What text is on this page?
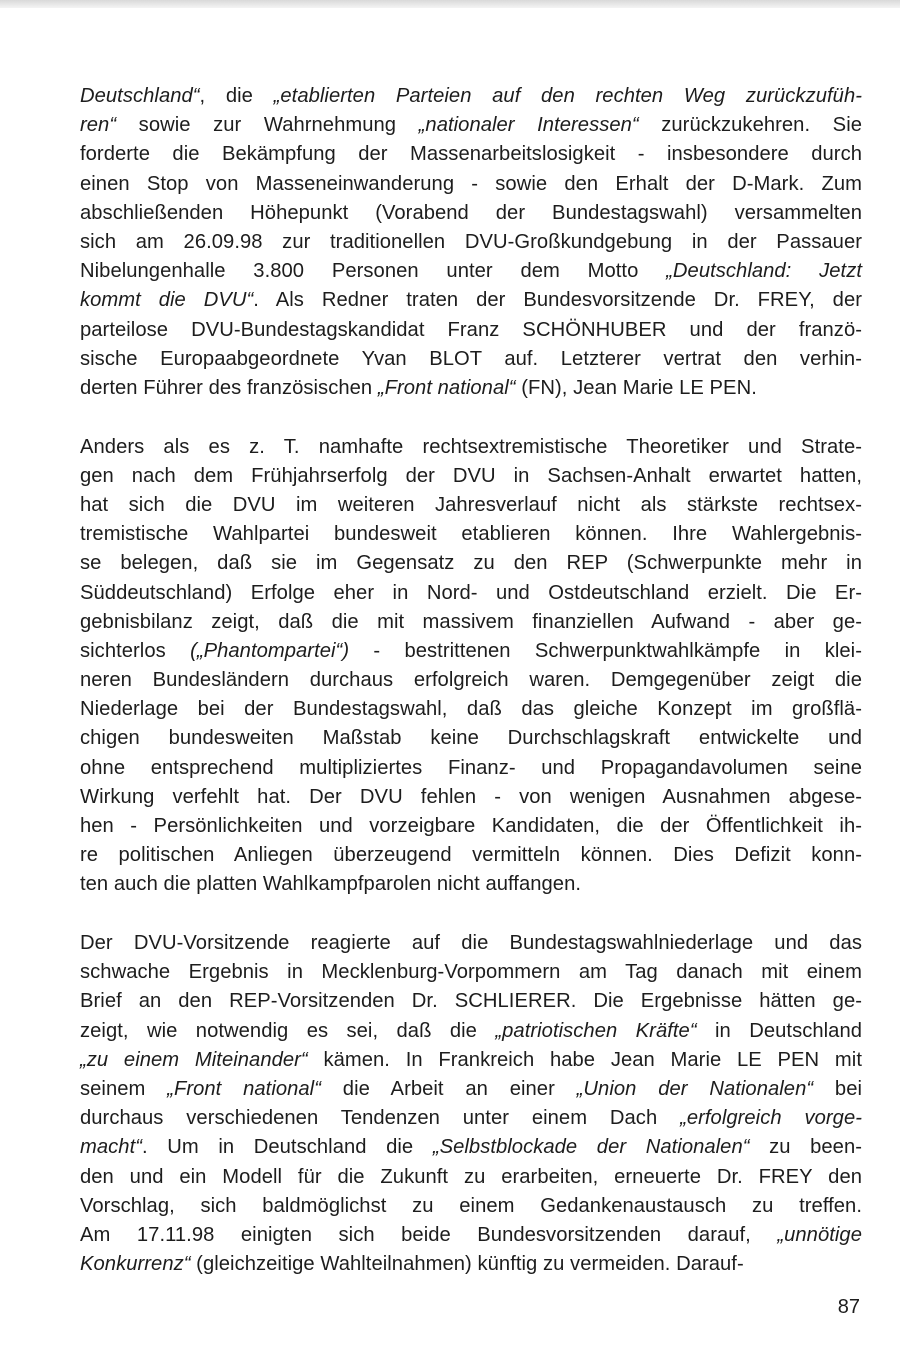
Deutschland“, die „etablierten Parteien auf den rechten Weg zurückzufüh-
ren“ sowie zur Wahrnehmung „nationaler Interessen“ zurückzukehren. Sie
forderte die Bekämpfung der Massenarbeitslosigkeit - insbesondere durch
einen Stop von Masseneinwanderung - sowie den Erhalt der D-Mark. Zum
abschließenden Höhepunkt (Vorabend der Bundestagswahl) versammelten
sich am 26.09.98 zur traditionellen DVU-Großkundgebung in der Passauer
Nibelungenhalle 3.800 Personen unter dem Motto „Deutschland: Jetzt
kommt die DVU“. Als Redner traten der Bundesvorsitzende Dr. FREY, der
parteilose DVU-Bundestagskandidat Franz SCHÖNHUBER und der franzö-
sische Europaabgeordnete Yvan BLOT auf. Letzterer vertrat den verhin-
derten Führer des französischen „Front national“ (FN), Jean Marie LE PEN.
Anders als es z. T. namhafte rechtsextremistische Theoretiker und Strate-
gen nach dem Frühjahrserfolg der DVU in Sachsen-Anhalt erwartet hatten,
hat sich die DVU im weiteren Jahresverlauf nicht als stärkste rechtsex-
tremistische Wahlpartei bundesweit etablieren können. Ihre Wahlergebnis-
se belegen, daß sie im Gegensatz zu den REP (Schwerpunkte mehr in
Süddeutschland) Erfolge eher in Nord- und Ostdeutschland erzielt. Die Er-
gebnisbilanz zeigt, daß die mit massivem finanziellen Aufwand - aber ge-
sichterlos („Phantompartei“) - bestrittenen Schwerpunktwahlkämpfe in klei-
neren Bundesländern durchaus erfolgreich waren. Demgegenüber zeigt die
Niederlage bei der Bundestagswahl, daß das gleiche Konzept im großflä-
chigen bundesweiten Maßstab keine Durchschlagskraft entwickelte und
ohne entsprechend multipliziertes Finanz- und Propagandavolumen seine
Wirkung verfehlt hat. Der DVU fehlen - von wenigen Ausnahmen abgese-
hen - Persönlichkeiten und vorzeigbare Kandidaten, die der Öffentlichkeit ih-
re politischen Anliegen überzeugend vermitteln können. Dies Defizit konn-
ten auch die platten Wahlkampfparolen nicht auffangen.
Der DVU-Vorsitzende reagierte auf die Bundestagswahlniederlage und das
schwache Ergebnis in Mecklenburg-Vorpommern am Tag danach mit einem
Brief an den REP-Vorsitzenden Dr. SCHLIERER. Die Ergebnisse hätten ge-
zeigt, wie notwendig es sei, daß die „patriotischen Kräfte“ in Deutschland
„zu einem Miteinander“ kämen. In Frankreich habe Jean Marie LE PEN mit
seinem „Front national“ die Arbeit an einer „Union der Nationalen“ bei
durchaus verschiedenen Tendenzen unter einem Dach „erfolgreich vorge-
macht“. Um in Deutschland die „Selbstblockade der Nationalen“ zu been-
den und ein Modell für die Zukunft zu erarbeiten, erneuerte Dr. FREY den
Vorschlag, sich baldmöglichst zu einem Gedankenaustausch zu treffen.
Am 17.11.98 einigten sich beide Bundesvorsitzenden darauf, „unnötige
Konkurrenz“ (gleichzeitige Wahlteilnahmen) künftig zu vermeiden. Darauf-
87
